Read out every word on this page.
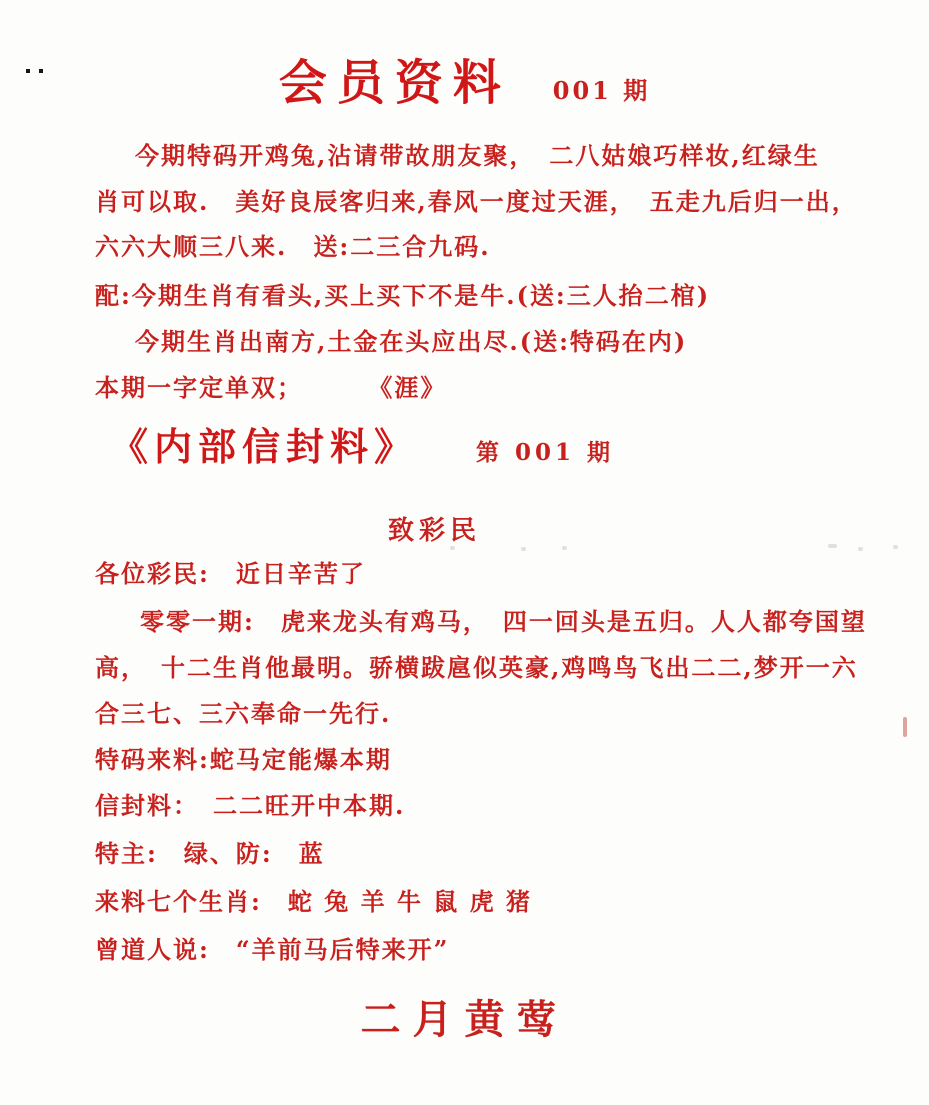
会员资料 001 期

今期特码开鸡兔,沾请带故朋友聚，　二八姑娘巧样妆,红绿生

肖可以取.　美好良辰客归来,春风一度过天涯，　五走九后归一出，

六六大顺三八来.　送:二三合九码.

配:今期生肖有看头,买上买下不是牛.(送:三人抬二棺)

今期生肖出南方,土金在头应出尽.(送:特码在内)

本期一字定单双；	《涯》

《内部信封料》	第 001 期

致彩民

各位彩民:　近日辛苦了

零零一期:　虎来龙头有鸡马，　四一回头是五归。人人都夸国望

高，　十二生肖他最明。骄横跋扈似英豪,鸡鸣鸟飞出二二,梦开一六

合三七、三六奉命一先行.

特码来料:蛇马定能爆本期

信封料：　二二旺开中本期.

特主:　绿、防:　蓝

来料七个生肖:　蛇 兔 羊 牛 鼠 虎 猪

曾道人说:　“羊前马后特来开”

二月黄莺
